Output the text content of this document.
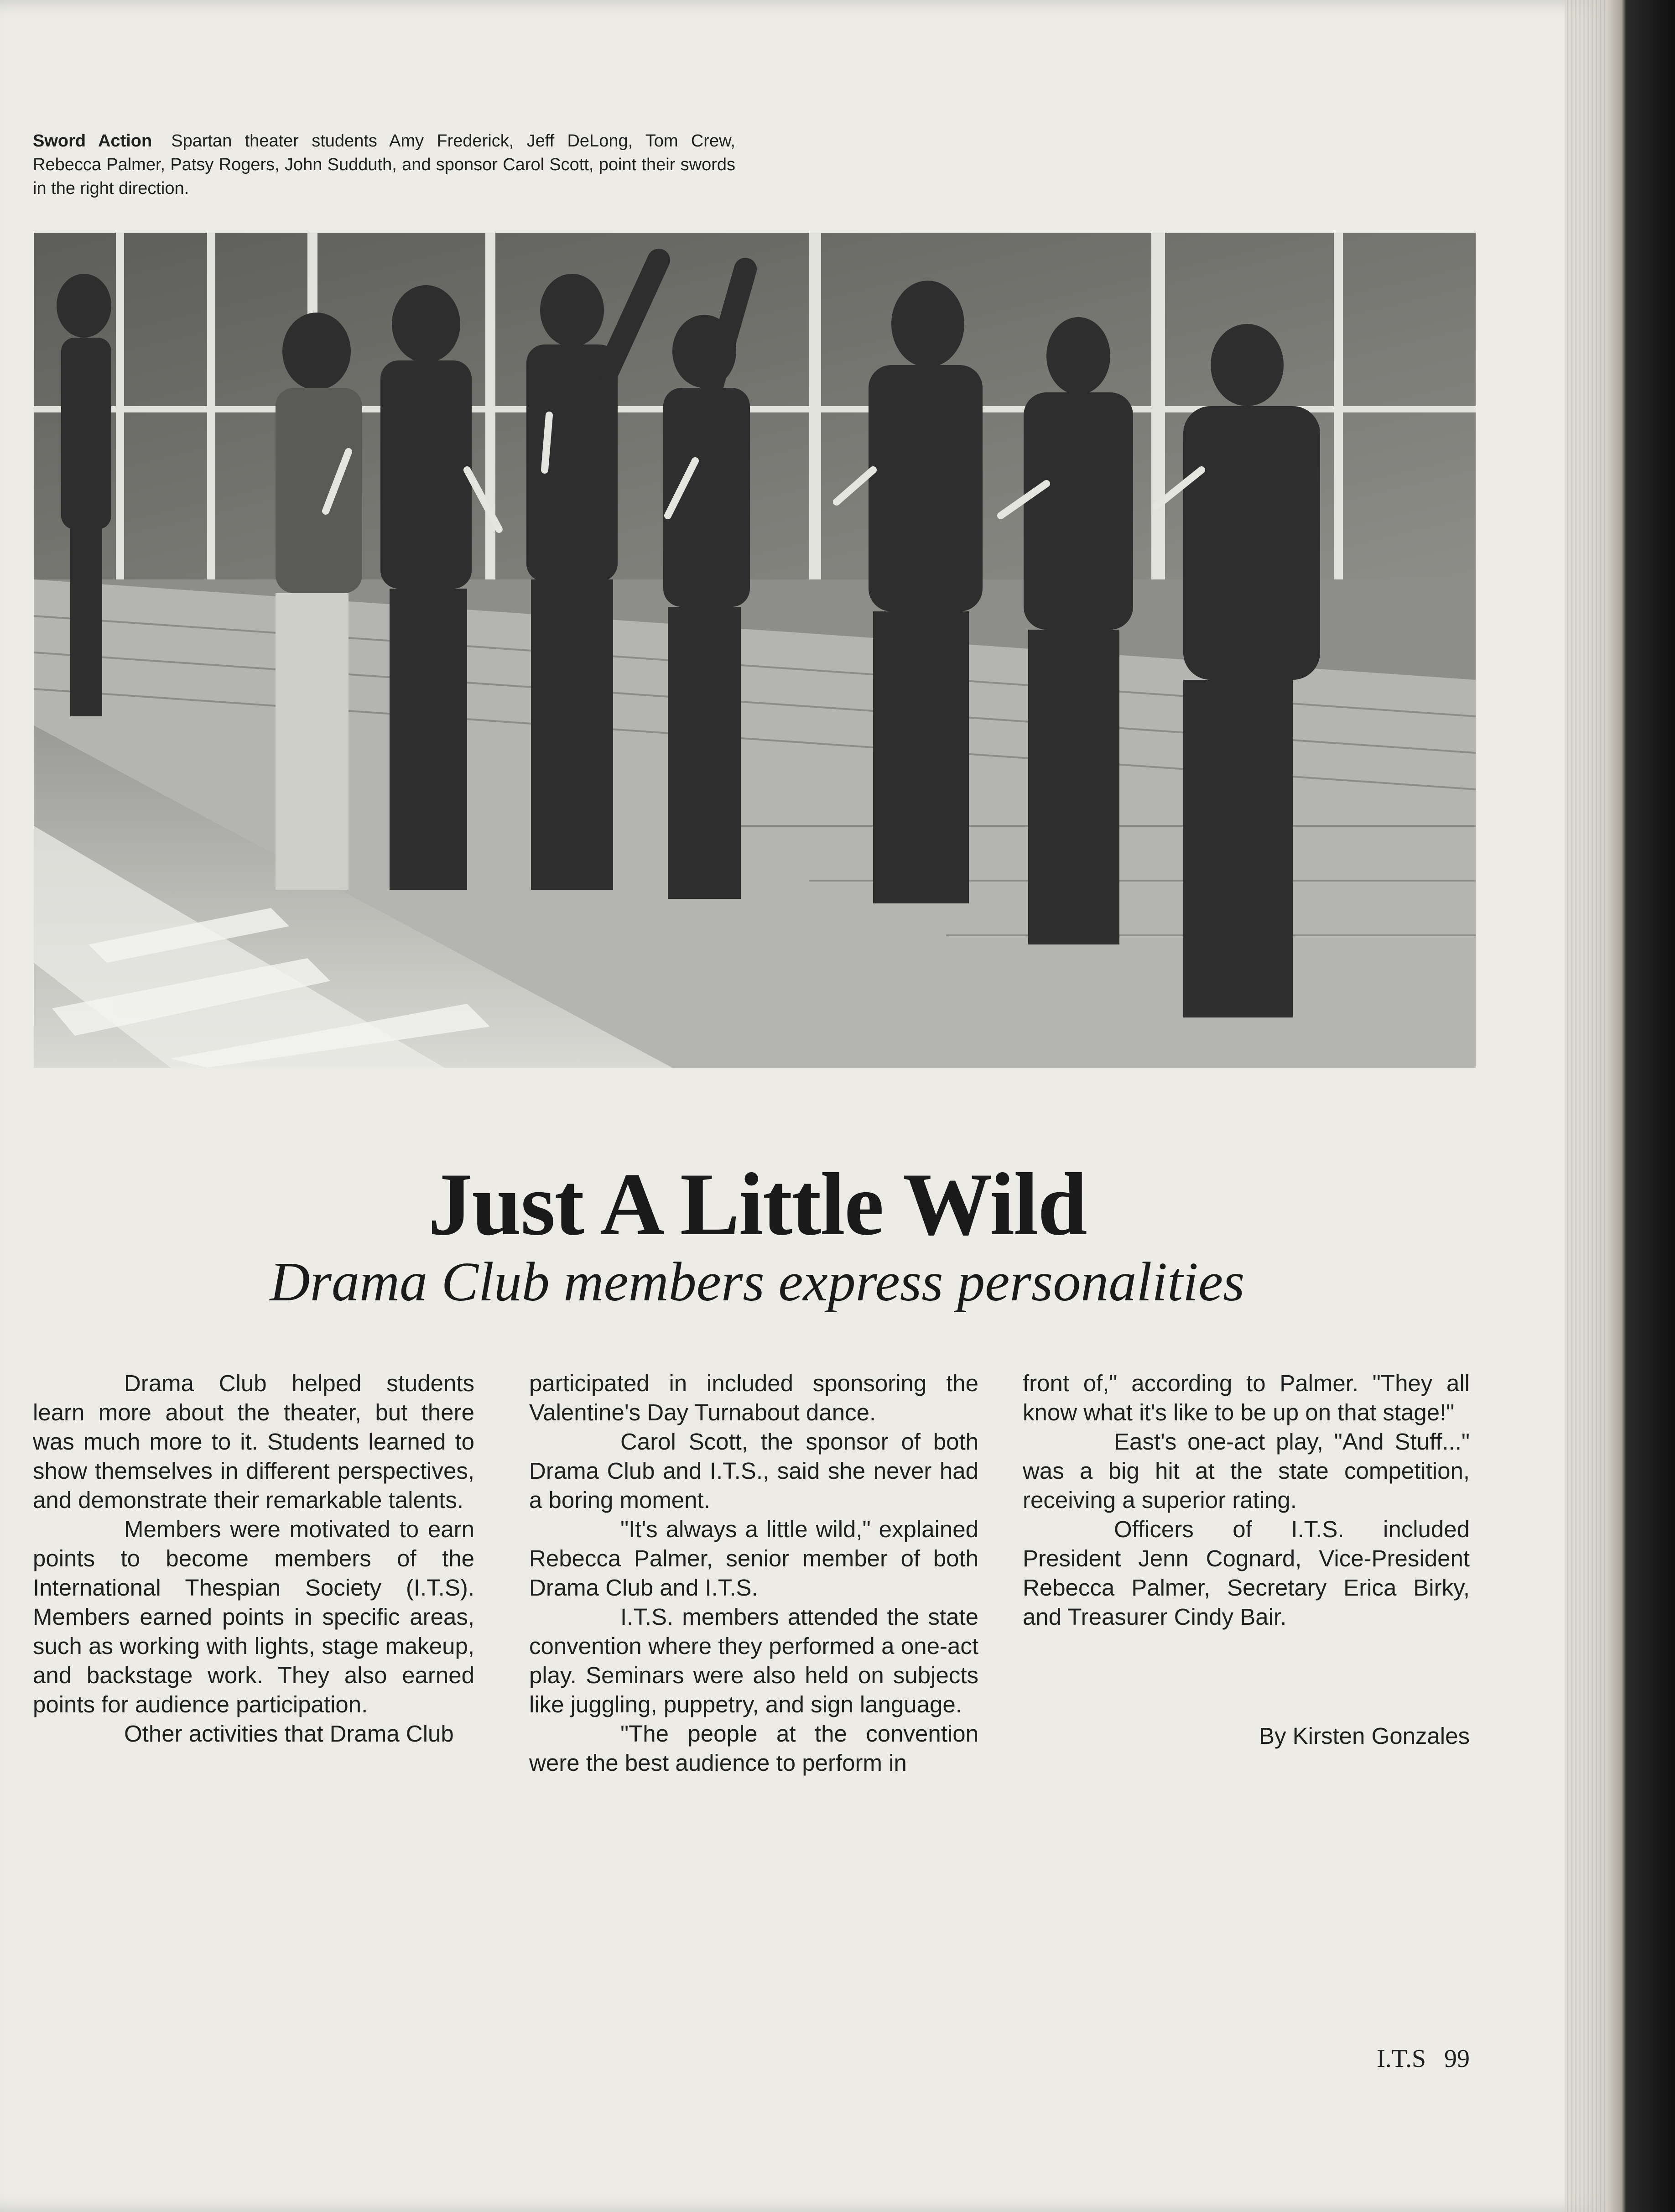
Sword Action Spartan theater students Amy Frederick, Jeff DeLong, Tom Crew, Rebecca Palmer, Patsy Rogers, John Sudduth, and sponsor Carol Scott, point their swords in the right direction.
Just A Little Wild
Drama Club members express personalities

Drama Club helped students learn more about the theater, but there was much more to it. Students learned to show themselves in different perspectives, and demonstrate their remarkable talents.

Members were motivated to earn points to become members of the International Thespian Society (I.T.S). Members earned points in specific areas, such as working with lights, stage makeup, and backstage work. They also earned points for audience participation.

Other activities that Drama Club

participated in included sponsoring the Valentine's Day Turnabout dance.

Carol Scott, the sponsor of both Drama Club and I.T.S., said she never had a boring moment.

"It's always a little wild," explained Rebecca Palmer, senior member of both Drama Club and I.T.S.

I.T.S. members attended the state convention where they performed a one-act play. Seminars were also held on subjects like juggling, puppetry, and sign language.

"The people at the convention were the best audience to perform in

front of," according to Palmer. "They all know what it's like to be up on that stage!"

East's one-act play, "And Stuff..." was a big hit at the state competition, receiving a superior rating.

Officers of I.T.S. included President Jenn Cognard, Vice-President Rebecca Palmer, Secretary Erica Birky, and Treasurer Cindy Bair.

By Kirsten Gonzales
I.T.S 99
